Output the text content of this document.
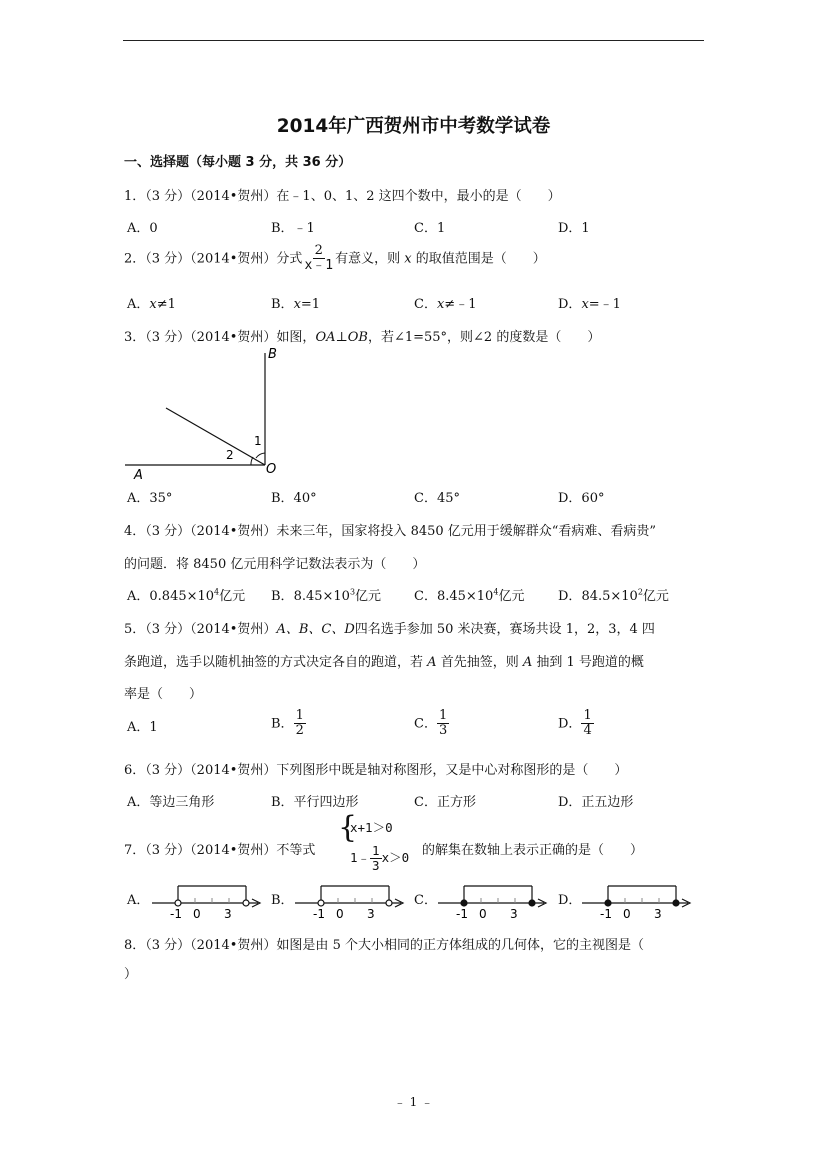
2014年广西贺州市中考数学试卷
一、选择题（每小题 3 分，共 36 分）
1．（3 分）（2014•贺州）在﹣1、0、1、2 这四个数中，最小的是（　　）
A．0	B．﹣1	C．1	D．1
2．（3 分）（2014•贺州）分式 $\frac{2}{x﹣1}$ 有意义，则 x 的取值范围是（　　）
A．x≠1	B．x=1	C．x≠﹣1	D．x=﹣1
3．（3 分）（2014•贺州）如图，OA⊥OB，若∠1=55°，则∠2 的度数是（　　）
B
O
A
1
2
A．35°	B．40°	C．45°	D．60°
4．（3 分）（2014•贺州）未来三年，国家将投入 8450 亿元用于缓解群众“看病难、看病贵”
的问题．将 8450 亿元用科学记数法表示为（　　）
A．$0.845\times 10^4$亿元 B．$8.45\times 10^3$亿元	C．$8.45\times 10^4$亿元	D．$84.5\times 10^2$亿元
5．（3 分）（2014•贺州）A、B、C、D四名选手参加 50 米决赛，赛场共设 1，2，3，4 四
条跑道，选手以随机抽签的方式决定各自的跑道，若 A 首先抽签，则 A 抽到 1 号跑道的概
率是（　　）
A．1	B． $\frac{1}{2}$	C． $\frac{1}{3}$	D． $\frac{1}{4}$
6．（3 分）（2014•贺州）下列图形中既是轴对称图形，又是中心对称图形的是（　　）
A．等边三角形	B．平行四边形	C．正方形	D．正五边形
7．（3 分）（2014•贺州）不等式
{
x+1＞0
1﹣ $\frac{1}{3} x>0$ 的解集在数轴上表示正确的是（　　）
A．	B．	C．	D．
-1 0 3	-1 0 3	-1 0 3	-1 0 3
8．（3 分）（2014•贺州）如图是由 5 个大小相同的正方体组成的几何体，它的主视图是（
）
﹣ 1 ﹣
